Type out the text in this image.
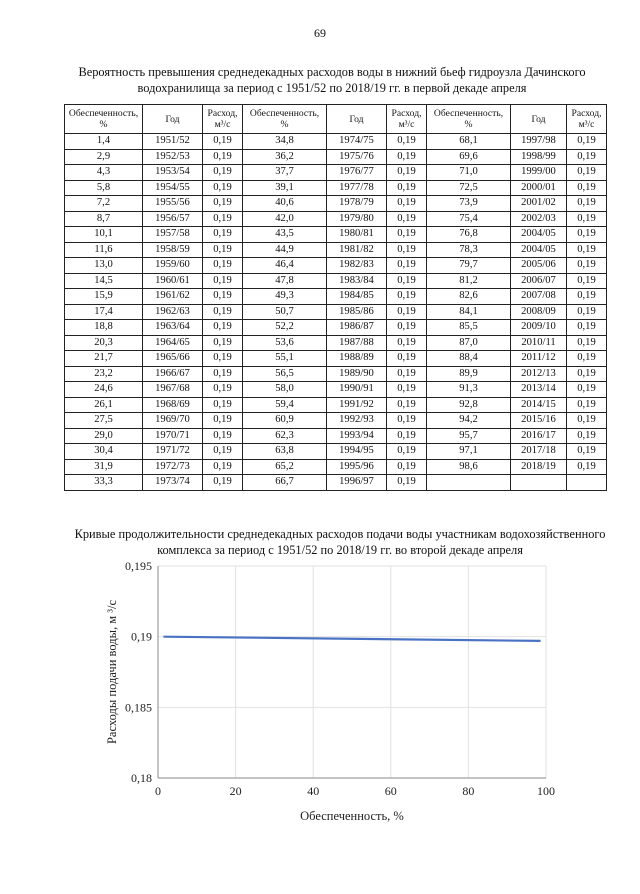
69
Вероятность превышения среднедекадных расходов воды в нижний бьеф гидроузла Дачинского водохранилища за период с 1951/52 по 2018/19 гг. в первой декаде апреля
Обеспеченность, %	Год	Расход, м³/с	Обеспеченность, %	Год	Расход, м³/с	Обеспеченность, %	Год	Расход, м³/с
1,4	1951/52	0,19	34,8	1974/75	0,19	68,1	1997/98	0,19
2,9	1952/53	0,19	36,2	1975/76	0,19	69,6	1998/99	0,19
4,3	1953/54	0,19	37,7	1976/77	0,19	71,0	1999/00	0,19
5,8	1954/55	0,19	39,1	1977/78	0,19	72,5	2000/01	0,19
7,2	1955/56	0,19	40,6	1978/79	0,19	73,9	2001/02	0,19
8,7	1956/57	0,19	42,0	1979/80	0,19	75,4	2002/03	0,19
10,1	1957/58	0,19	43,5	1980/81	0,19	76,8	2004/05	0,19
11,6	1958/59	0,19	44,9	1981/82	0,19	78,3	2004/05	0,19
13,0	1959/60	0,19	46,4	1982/83	0,19	79,7	2005/06	0,19
14,5	1960/61	0,19	47,8	1983/84	0,19	81,2	2006/07	0,19
15,9	1961/62	0,19	49,3	1984/85	0,19	82,6	2007/08	0,19
17,4	1962/63	0,19	50,7	1985/86	0,19	84,1	2008/09	0,19
18,8	1963/64	0,19	52,2	1986/87	0,19	85,5	2009/10	0,19
20,3	1964/65	0,19	53,6	1987/88	0,19	87,0	2010/11	0,19
21,7	1965/66	0,19	55,1	1988/89	0,19	88,4	2011/12	0,19
23,2	1966/67	0,19	56,5	1989/90	0,19	89,9	2012/13	0,19
24,6	1967/68	0,19	58,0	1990/91	0,19	91,3	2013/14	0,19
26,1	1968/69	0,19	59,4	1991/92	0,19	92,8	2014/15	0,19
27,5	1969/70	0,19	60,9	1992/93	0,19	94,2	2015/16	0,19
29,0	1970/71	0,19	62,3	1993/94	0,19	95,7	2016/17	0,19
30,4	1971/72	0,19	63,8	1994/95	0,19	97,1	2017/18	0,19
31,9	1972/73	0,19	65,2	1995/96	0,19	98,6	2018/19	0,19
33,3	1973/74	0,19	66,7	1996/97	0,19			
Кривые продолжительности среднедекадных расходов подачи воды участникам водохозяйственного комплекса за период с 1951/52 по 2018/19 гг. во второй декаде апреля
0	20	40	60	80	100
0,195
0,19
0,185
0,18
Обеспеченность, %
Расходы подачи воды, м ³/с
